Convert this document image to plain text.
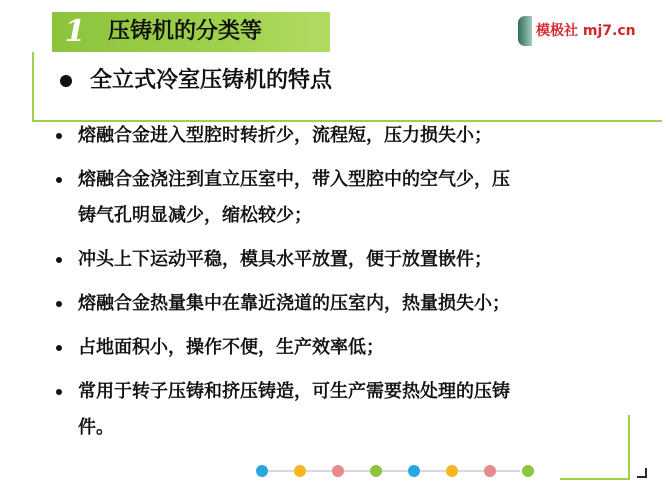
1 压铸机的分类等	模极社 mj7.cn
全立式冷室压铸机的特点
熔融合金进入型腔时转折少，流程短，压力损失小；
熔融合金浇注到直立压室中，带入型腔中的空气少，压
铸气孔明显减少，缩松较少；
冲头上下运动平稳，模具水平放置，便于放置嵌件；
熔融合金热量集中在靠近浇道的压室内，热量损失小；
占地面积小，操作不便，生产效率低；
常用于转子压铸和挤压铸造，可生产需要热处理的压铸
件。
